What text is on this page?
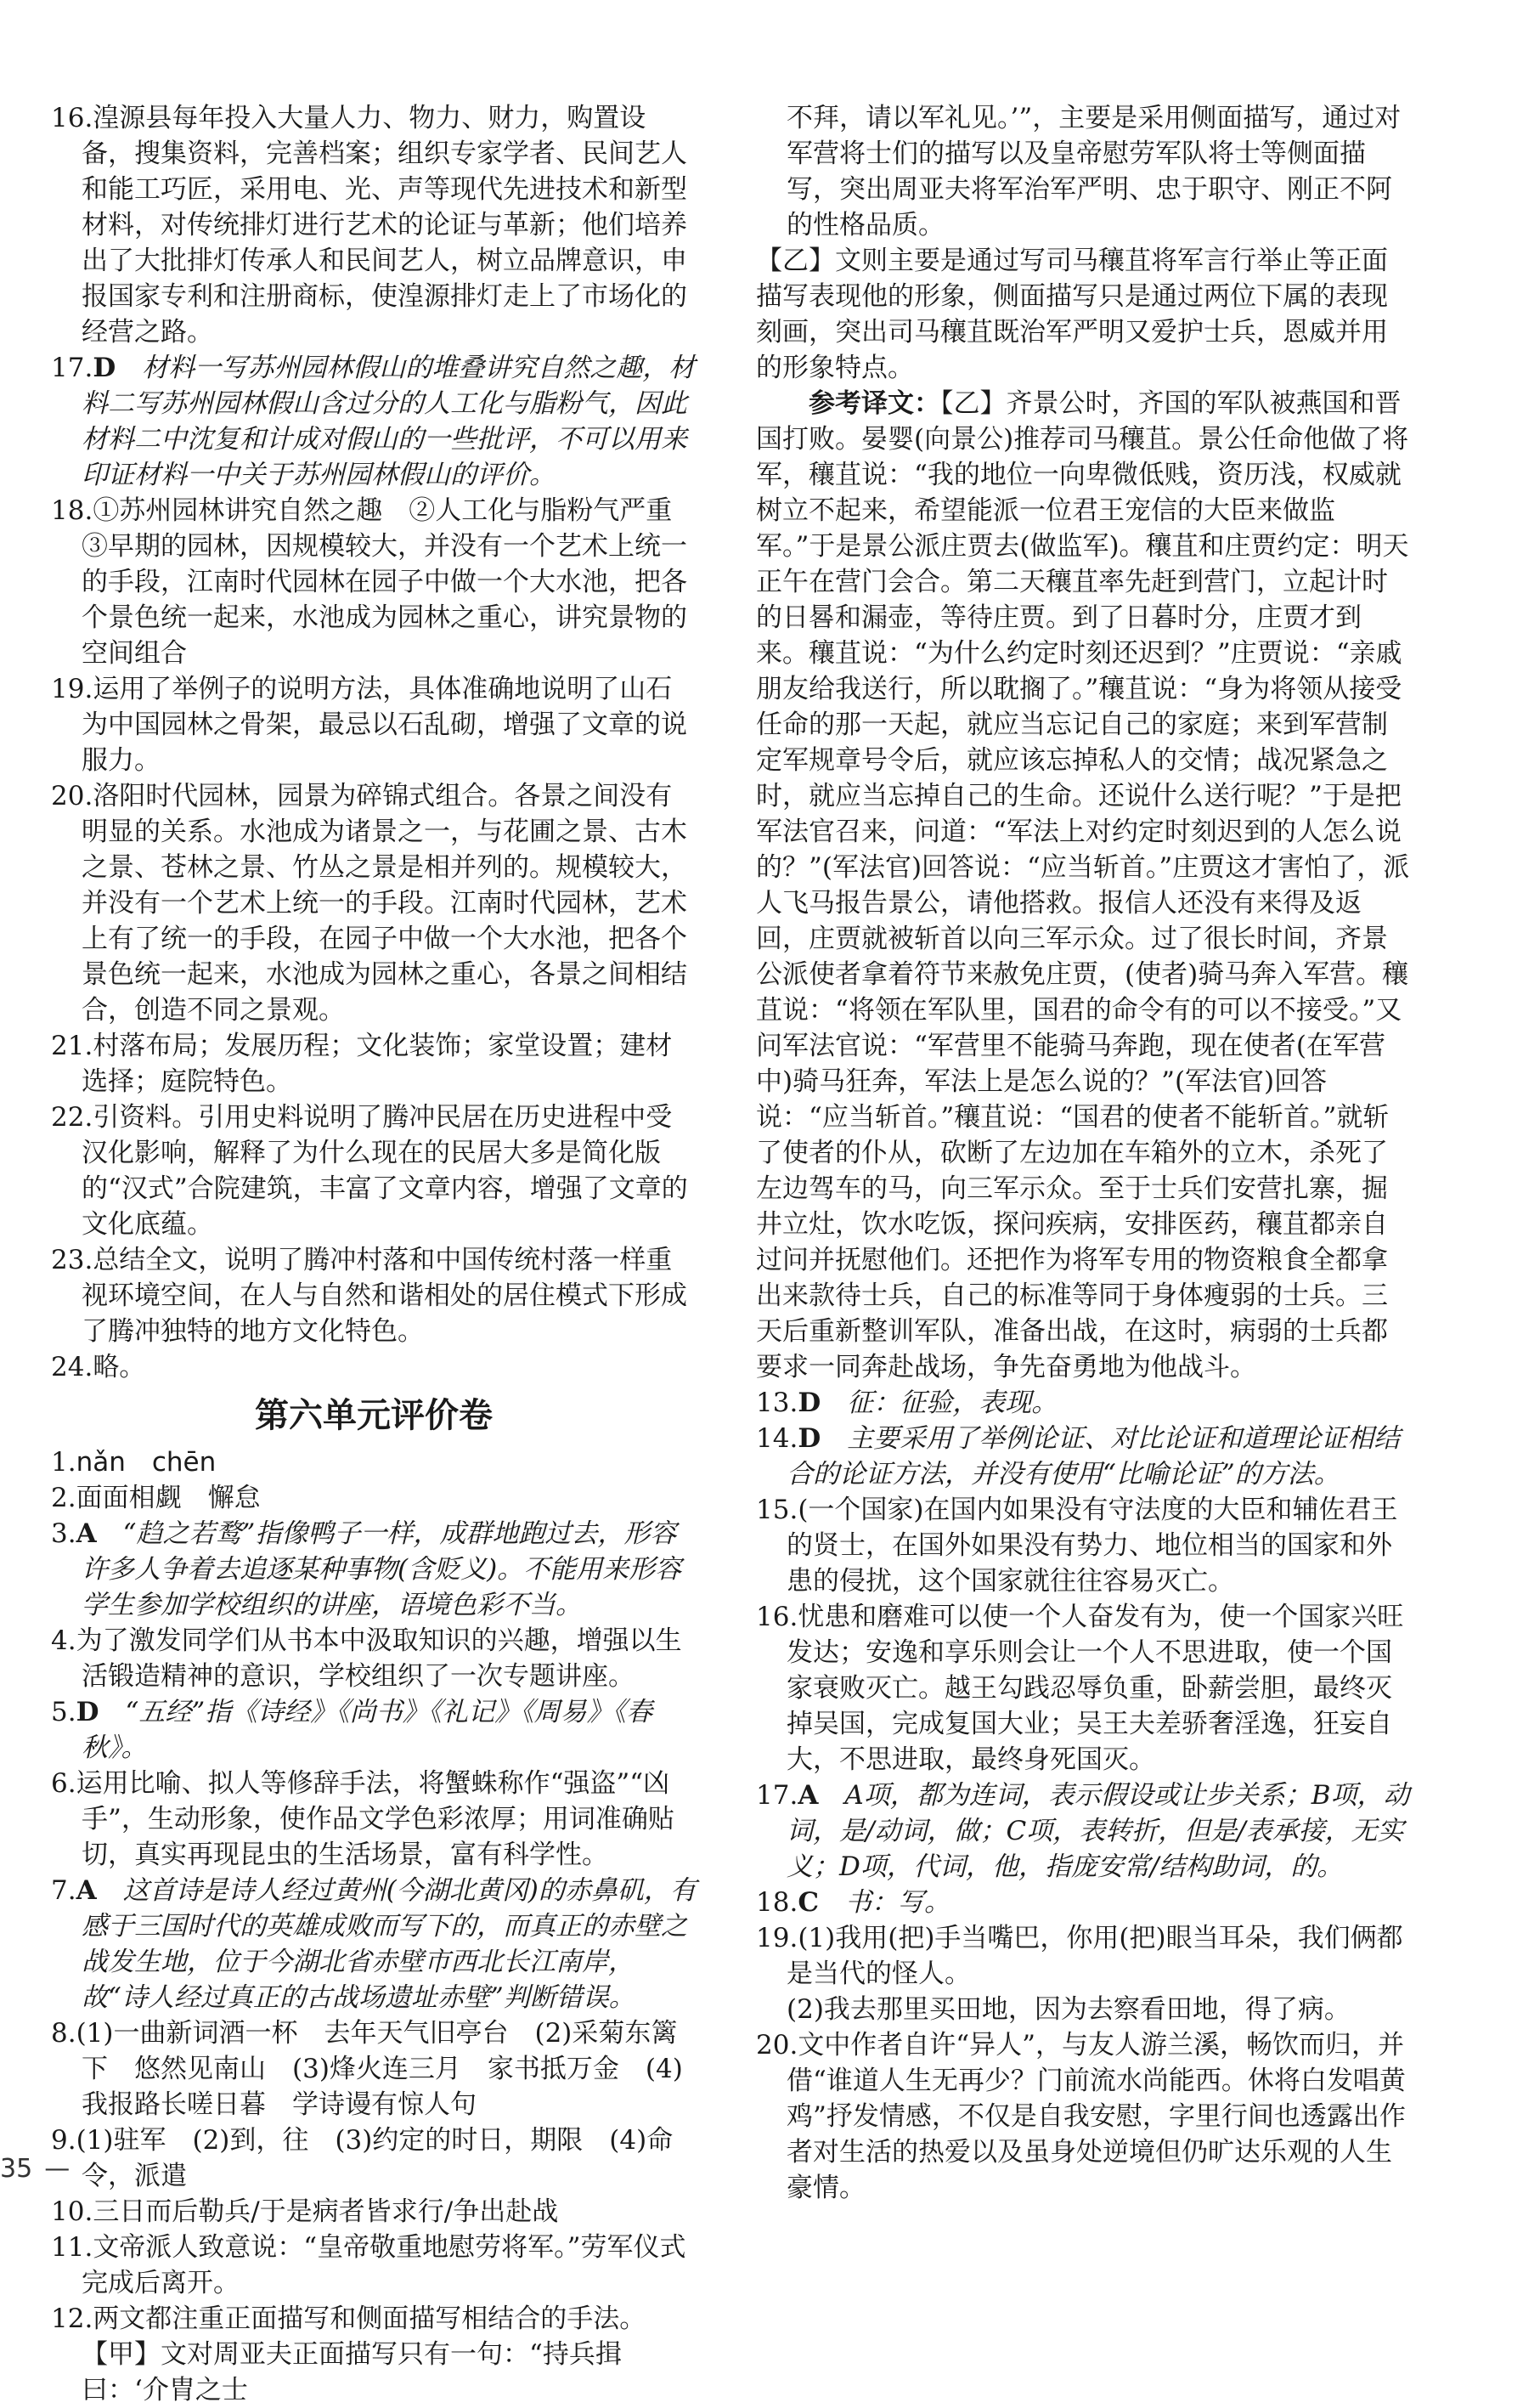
16.湟源县每年投入大量人力、物力、财力，购置设备，搜集资料，完善档案；组织专家学者、民间艺人和能工巧匠，采用电、光、声等现代先进技术和新型材料，对传统排灯进行艺术的论证与革新；他们培养出了大批排灯传承人和民间艺人，树立品牌意识，申报国家专利和注册商标，使湟源排灯走上了市场化的经营之路。

17.D　 材料一写苏州园林假山的堆叠讲究自然之趣，材料二写苏州园林假山含过分的人工化与脂粉气，因此材料二中沈复和计成对假山的一些批评，不可以用来印证材料一中关于苏州园林假山的评价。

18.①苏州园林讲究自然之趣　②人工化与脂粉气严重　③早期的园林，因规模较大，并没有一个艺术上统一的手段，江南时代园林在园子中做一个大水池，把各个景色统一起来，水池成为园林之重心，讲究景物的空间组合

19.运用了举例子的说明方法，具体准确地说明了山石为中国园林之骨架，最忌以石乱砌，增强了文章的说服力。

20.洛阳时代园林，园景为碎锦式组合。各景之间没有明显的关系。水池成为诸景之一，与花圃之景、古木之景、苍林之景、竹丛之景是相并列的。规模较大，并没有一个艺术上统一的手段。江南时代园林，艺术上有了统一的手段，在园子中做一个大水池，把各个景色统一起来，水池成为园林之重心，各景之间相结合，创造不同之景观。

21.村落布局；发展历程；文化装饰；家堂设置；建材选择；庭院特色。

22.引资料。引用史料说明了腾冲民居在历史进程中受汉化影响，解释了为什么现在的民居大多是简化版的“汉式”合院建筑，丰富了文章内容，增强了文章的文化底蕴。

23.总结全文，说明了腾冲村落和中国传统村落一样重视环境空间，在人与自然和谐相处的居住模式下形成了腾冲独特的地方文化特色。

24.略。

第六单元评价卷

1.nǎn　chēn

2.面面相觑　懈怠

3.A　 “趋之若鹜”指像鸭子一样，成群地跑过去，形容许多人争着去追逐某种事物(含贬义)。不能用来形容学生参加学校组织的讲座，语境色彩不当。

4.为了激发同学们从书本中汲取知识的兴趣，增强以生活锻造精神的意识，学校组织了一次专题讲座。

5.D　 “五经”指《诗经》《尚书》《礼记》《周易》《春秋》。

6.运用比喻、拟人等修辞手法，将蟹蛛称作“强盗”“凶手”，生动形象，使作品文学色彩浓厚；用词准确贴切，真实再现昆虫的生活场景，富有科学性。

7.A　 这首诗是诗人经过黄州(今湖北黄冈)的赤鼻矶，有感于三国时代的英雄成败而写下的，而真正的赤壁之战发生地，位于今湖北省赤壁市西北长江南岸，故“诗人经过真正的古战场遗址赤壁”判断错误。

8.(1)一曲新词酒一杯　去年天气旧亭台　(2)采菊东篱下　悠然见南山　(3)烽火连三月　家书抵万金　(4)我报路长嗟日暮　学诗谩有惊人句

9.(1)驻军　(2)到，往　(3)约定的时日，期限　(4)命令，派遣

10.三日而后勒兵/于是病者皆求行/争出赴战

11.文帝派人致意说：“皇帝敬重地慰劳将军。”劳军仪式完成后离开。

12.两文都注重正面描写和侧面描写相结合的手法。【甲】文对周亚夫正面描写只有一句：“持兵揖曰：‘介胄之士

不拜，请以军礼见。’”，主要是采用侧面描写，通过对军营将士们的描写以及皇帝慰劳军队将士等侧面描写，突出周亚夫将军治军严明、忠于职守、刚正不阿的性格品质。

【乙】文则主要是通过写司马穰苴将军言行举止等正面描写表现他的形象，侧面描写只是通过两位下属的表现刻画，突出司马穰苴既治军严明又爱护士兵，恩威并用的形象特点。

参考译文：【乙】齐景公时，齐国的军队被燕国和晋国打败。晏婴(向景公)推荐司马穰苴。景公任命他做了将军，穰苴说：“我的地位一向卑微低贱，资历浅，权威就树立不起来，希望能派一位君王宠信的大臣来做监军。”于是景公派庄贾去(做监军)。穰苴和庄贾约定：明天正午在营门会合。第二天穰苴率先赶到营门，立起计时的日晷和漏壶，等待庄贾。到了日暮时分，庄贾才到来。穰苴说：“为什么约定时刻还迟到？”庄贾说：“亲戚朋友给我送行，所以耽搁了。”穰苴说：“身为将领从接受任命的那一天起，就应当忘记自己的家庭；来到军营制定军规章号令后，就应该忘掉私人的交情；战况紧急之时，就应当忘掉自己的生命。还说什么送行呢？”于是把军法官召来，问道：“军法上对约定时刻迟到的人怎么说的？”(军法官)回答说：“应当斩首。”庄贾这才害怕了，派人飞马报告景公，请他搭救。报信人还没有来得及返回，庄贾就被斩首以向三军示众。过了很长时间，齐景公派使者拿着符节来赦免庄贾，(使者)骑马奔入军营。穰苴说：“将领在军队里，国君的命令有的可以不接受。”又问军法官说：“军营里不能骑马奔跑，现在使者(在军营中)骑马狂奔，军法上是怎么说的？”(军法官)回答说：“应当斩首。”穰苴说：“国君的使者不能斩首。”就斩了使者的仆从，砍断了左边加在车箱外的立木，杀死了左边驾车的马，向三军示众。至于士兵们安营扎寨，掘井立灶，饮水吃饭，探问疾病，安排医药，穰苴都亲自过问并抚慰他们。还把作为将军专用的物资粮食全都拿出来款待士兵，自己的标准等同于身体瘦弱的士兵。三天后重新整训军队，准备出战，在这时，病弱的士兵都要求一同奔赴战场，争先奋勇地为他战斗。

13.D　 征：征验，表现。

14.D　 主要采用了举例论证、对比论证和道理论证相结合的论证方法，并没有使用“比喻论证”的方法。

15.(一个国家)在国内如果没有守法度的大臣和辅佐君王的贤士，在国外如果没有势力、地位相当的国家和外患的侵扰，这个国家就往往容易灭亡。

16.忧患和磨难可以使一个人奋发有为，使一个国家兴旺发达；安逸和享乐则会让一个人不思进取，使一个国家衰败灭亡。越王勾践忍辱负重，卧薪尝胆，最终灭掉吴国，完成复国大业；吴王夫差骄奢淫逸，狂妄自大，不思进取，最终身死国灭。

17.A　 A项，都为连词，表示假设或让步关系；B项，动词，是/动词，做；C项，表转折，但是/表承接，无实义；D项，代词，他，指庞安常/结构助词，的。

18.C　 书：写。

19.(1)我用(把)手当嘴巴，你用(把)眼当耳朵，我们俩都是当代的怪人。

(2)我去那里买田地，因为去察看田地，得了病。

20.文中作者自许“异人”，与友人游兰溪，畅饮而归，并借“谁道人生无再少？门前流水尚能西。休将白发唱黄鸡”抒发情感，不仅是自我安慰，字里行间也透露出作者对生活的热爱以及虽身处逆境但仍旷达乐观的人生豪情。

35 —
